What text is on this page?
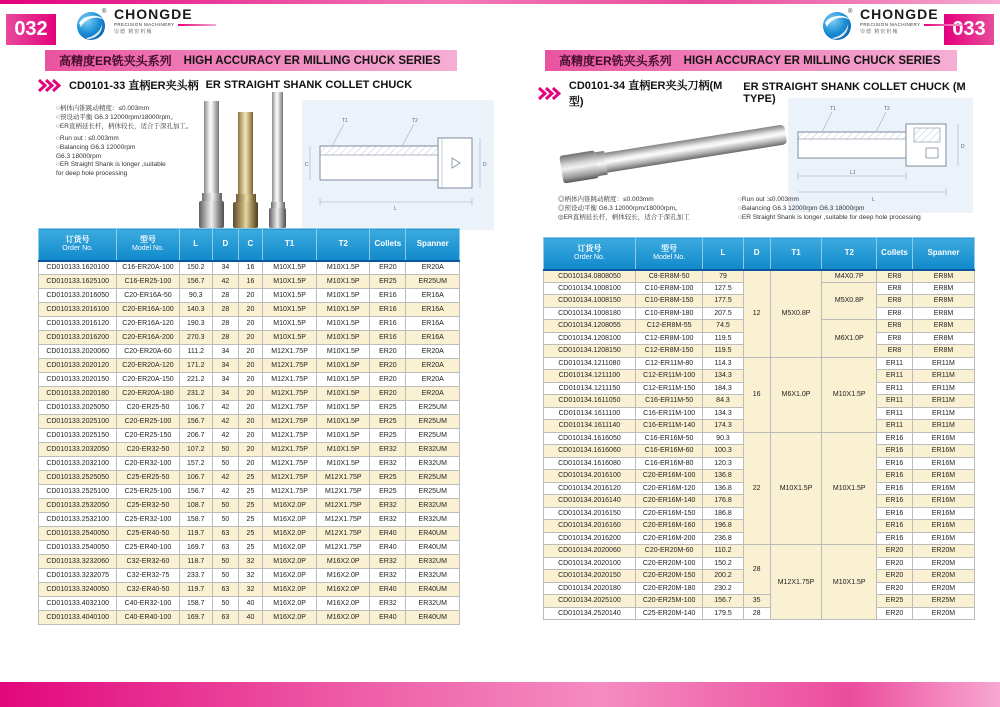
032
® CHONGDE
PRECISION MACHINERY
崇德 精密机械
高精度ER铣夹头系列 HIGH ACCURACY ER MILLING CHUCK SERIES
CD0101-33 直柄ER夹头柄 ER STRAIGHT SHANK COLLET CHUCK
○柄体内锥跳动精度：≤0.003mm
○预设动平衡 G6.3 12000rpm/18000rpm。
○ER直柄延长杆，柄体较长，适合于深孔加工。
○Run out : ≤0.003mm
○Balancing G6.3 12000rpm
G6.3 18000rpm
○ER Straight Shank is longer ,suitable
for deep hole processing
T1	T2
C	D
L
订货号
Order No.

型号
Model No.

L	D	C	T1	T2	Collets	Spanner

CD010133.1620100	C16-ER20A-100	150.2	34	16	M10X1.5P	M10X1.5P	ER20	ER20A
CD010133.1625100	C16-ER25-100	156.7	42	16	M10X1.5P	M10X1.5P	ER25	ER25UM
CD010133.2016050	C20-ER16A-50	90.3	28	20	M10X1.5P	M10X1.5P	ER16	ER16A
CD010133.2016100	C20-ER16A-100	140.3	28	20	M10X1.5P	M10X1.5P	ER16	ER16A
CD010133.2016120	C20-ER16A-120	190.3	28	20	M10X1.5P	M10X1.5P	ER16	ER16A
CD010133.2016200	C20-ER16A-200	270.3	28	20	M10X1.5P	M10X1.5P	ER16	ER16A
CD010133.2020060	C20-ER20A-60	111.2	34	20	M12X1.75P	M10X1.5P	ER20	ER20A
CD010133.2020120	C20-ER20A-120	171.2	34	20	M12X1.75P	M10X1.5P	ER20	ER20A
CD010133.2020150	C20-ER20A-150	221.2	34	20	M12X1.75P	M10X1.5P	ER20	ER20A
CD010133.2020180	C20-ER20A-180	231.2	34	20	M12X1.75P	M10X1.5P	ER20	ER20A
CD010133.2025050	C20-ER25-50	106.7	42	20	M12X1.75P	M10X1.5P	ER25	ER25UM
CD010133.2025100	C20-ER25-100	156.7	42	20	M12X1.75P	M10X1.5P	ER25	ER25UM
CD010133.2025150	C20-ER25-150	206.7	42	20	M12X1.75P	M10X1.5P	ER25	ER25UM
CD010133.2032050	C20-ER32-50	107.2	50	20	M12X1.75P	M10X1.5P	ER32	ER32UM
CD010133.2032100	C20-ER32-100	157.2	50	20	M12X1.75P	M10X1.5P	ER32	ER32UM
CD010133.2525050	C25-ER25-50	106.7	42	25	M12X1.75P	M12X1.75P	ER25	ER25UM
CD010133.2525100	C25-ER25-100	156.7	42	25	M12X1.75P	M12X1.75P	ER25	ER25UM
CD010133.2532050	C25-ER32-50	108.7	50	25	M16X2.0P	M12X1.75P	ER32	ER32UM
CD010133.2532100	C25-ER32-100	158.7	50	25	M16X2.0P	M12X1.75P	ER32	ER32UM
CD010133.2540050	C25-ER40-50	119.7	63	25	M16X2.0P	M12X1.75P	ER40	ER40UM
CD010133.2540050	C25-ER40-100	169.7	63	25	M16X2.0P	M12X1.75P	ER40	ER40UM
CD010133.3232060	C32-ER32-60	118.7	50	32	M16X2.0P	M16X2.0P	ER32	ER32UM
CD010133.3232075	C32-ER32-75	233.7	50	32	M16X2.0P	M16X2.0P	ER32	ER32UM
CD010133.3240050	C32-ER40-50	119.7	63	32	M16X2.0P	M16X2.0P	ER40	ER40UM
CD010133.4032100	C40-ER32-100	158.7	50	40	M16X2.0P	M16X2.0P	ER32	ER32UM
CD010133.4040100	C40-ER40-100	169.7	63	40	M16X2.0P	M16X2.0P	ER40	ER40UM
033
® CHONGDE
PRECISION MACHINERY
崇德 精密机械
高精度ER铣夹头系列 HIGH ACCURACY ER MILLING CHUCK SERIES
CD0101-34 直柄ER夹头刀柄(M型)
ER STRAIGHT SHANK COLLET CHUCK (M TYPE)
T1	T2
L1
L
D
◎柄体内锥跳动精度：≤0.003mm
◎预设动平衡 G6.3 12000rpm/18000rpm。
◎ER直柄延长杆，柄体较长，适合于深孔加工
○Run out :≤0.003mm
○Balancing G6.3 12000rpm G6.3 18000rpm
○ER Straight Shank is longer ,suitable for deep hole processing
订货号
Order No.

型号
Model No.

L	D	T1	T2	Collets	Spanner

CD010134.0808050	C8-ER8M-50	79	12	M5X0.8P	M4X0.7P	ER8	ER8M
CD010134.1008100	C10-ER8M-100	127.5			M5X0.8P	ER8	ER8M
CD010134.1008150	C10-ER8M-150	177.5				ER8	ER8M
CD010134.1008180	C10-ER8M-180	207.5				ER8	ER8M
CD010134.1208055	C12-ER8M-55	74.5			M6X1.0P	ER8	ER8M
CD010134.1208100	C12-ER8M-100	119.5				ER8	ER8M
CD010134.1208150	C12-ER8M-150	119.5				ER8	ER8M
CD010134.1211080	C12-ER11M-80	114.3	16	M6X1.0P	M10X1.5P	ER11	ER11M
CD010134.1211100	C12-ER11M-100	134.3				ER11	ER11M
CD010134.1211150	C12-ER11M-150	184.3				ER11	ER11M
CD010134.1611050	C16-ER11M-50	84.3				ER11	ER11M
CD010134.1611100	C16-ER11M-100	134.3				ER11	ER11M
CD010134.1611140	C16-ER11M-140	174.3				ER11	ER11M
CD010134.1616050	C16-ER16M-50	90.3	22	M10X1.5P	M10X1.5P	ER16	ER16M
CD010134.1616060	C16-ER16M-60	100.3				ER16	ER16M
CD010134.1616080	C16-ER16M-80	120.3				ER16	ER16M
CD010134.2016100	C20-ER16M-100	136.8				ER16	ER16M
CD010134.2016120	C20-ER16M-120	136.8				ER16	ER16M
CD010134.2016140	C20-ER16M-140	176.8				ER16	ER16M
CD010134.2016150	C20-ER16M-150	186.8				ER16	ER16M
CD010134.2016160	C20-ER16M-160	196.8				ER16	ER16M
CD010134.2016200	C20-ER16M-200	236.8				ER16	ER16M
CD010134.2020060	C20-ER20M-60	110.2	28	M12X1.75P	M10X1.5P	ER20	ER20M
CD010134.2020100	C20-ER20M-100	150.2				ER20	ER20M
CD010134.2020150	C20-ER20M-150	200.2				ER20	ER20M
CD010134.2020180	C20-ER20M-180	230.2				ER20	ER20M
CD010134.2025100	C20-ER25M-100	156.7	35			ER25	ER25M
CD010134.2520140	C25-ER20M-140	179.5	28			ER20	ER20M
